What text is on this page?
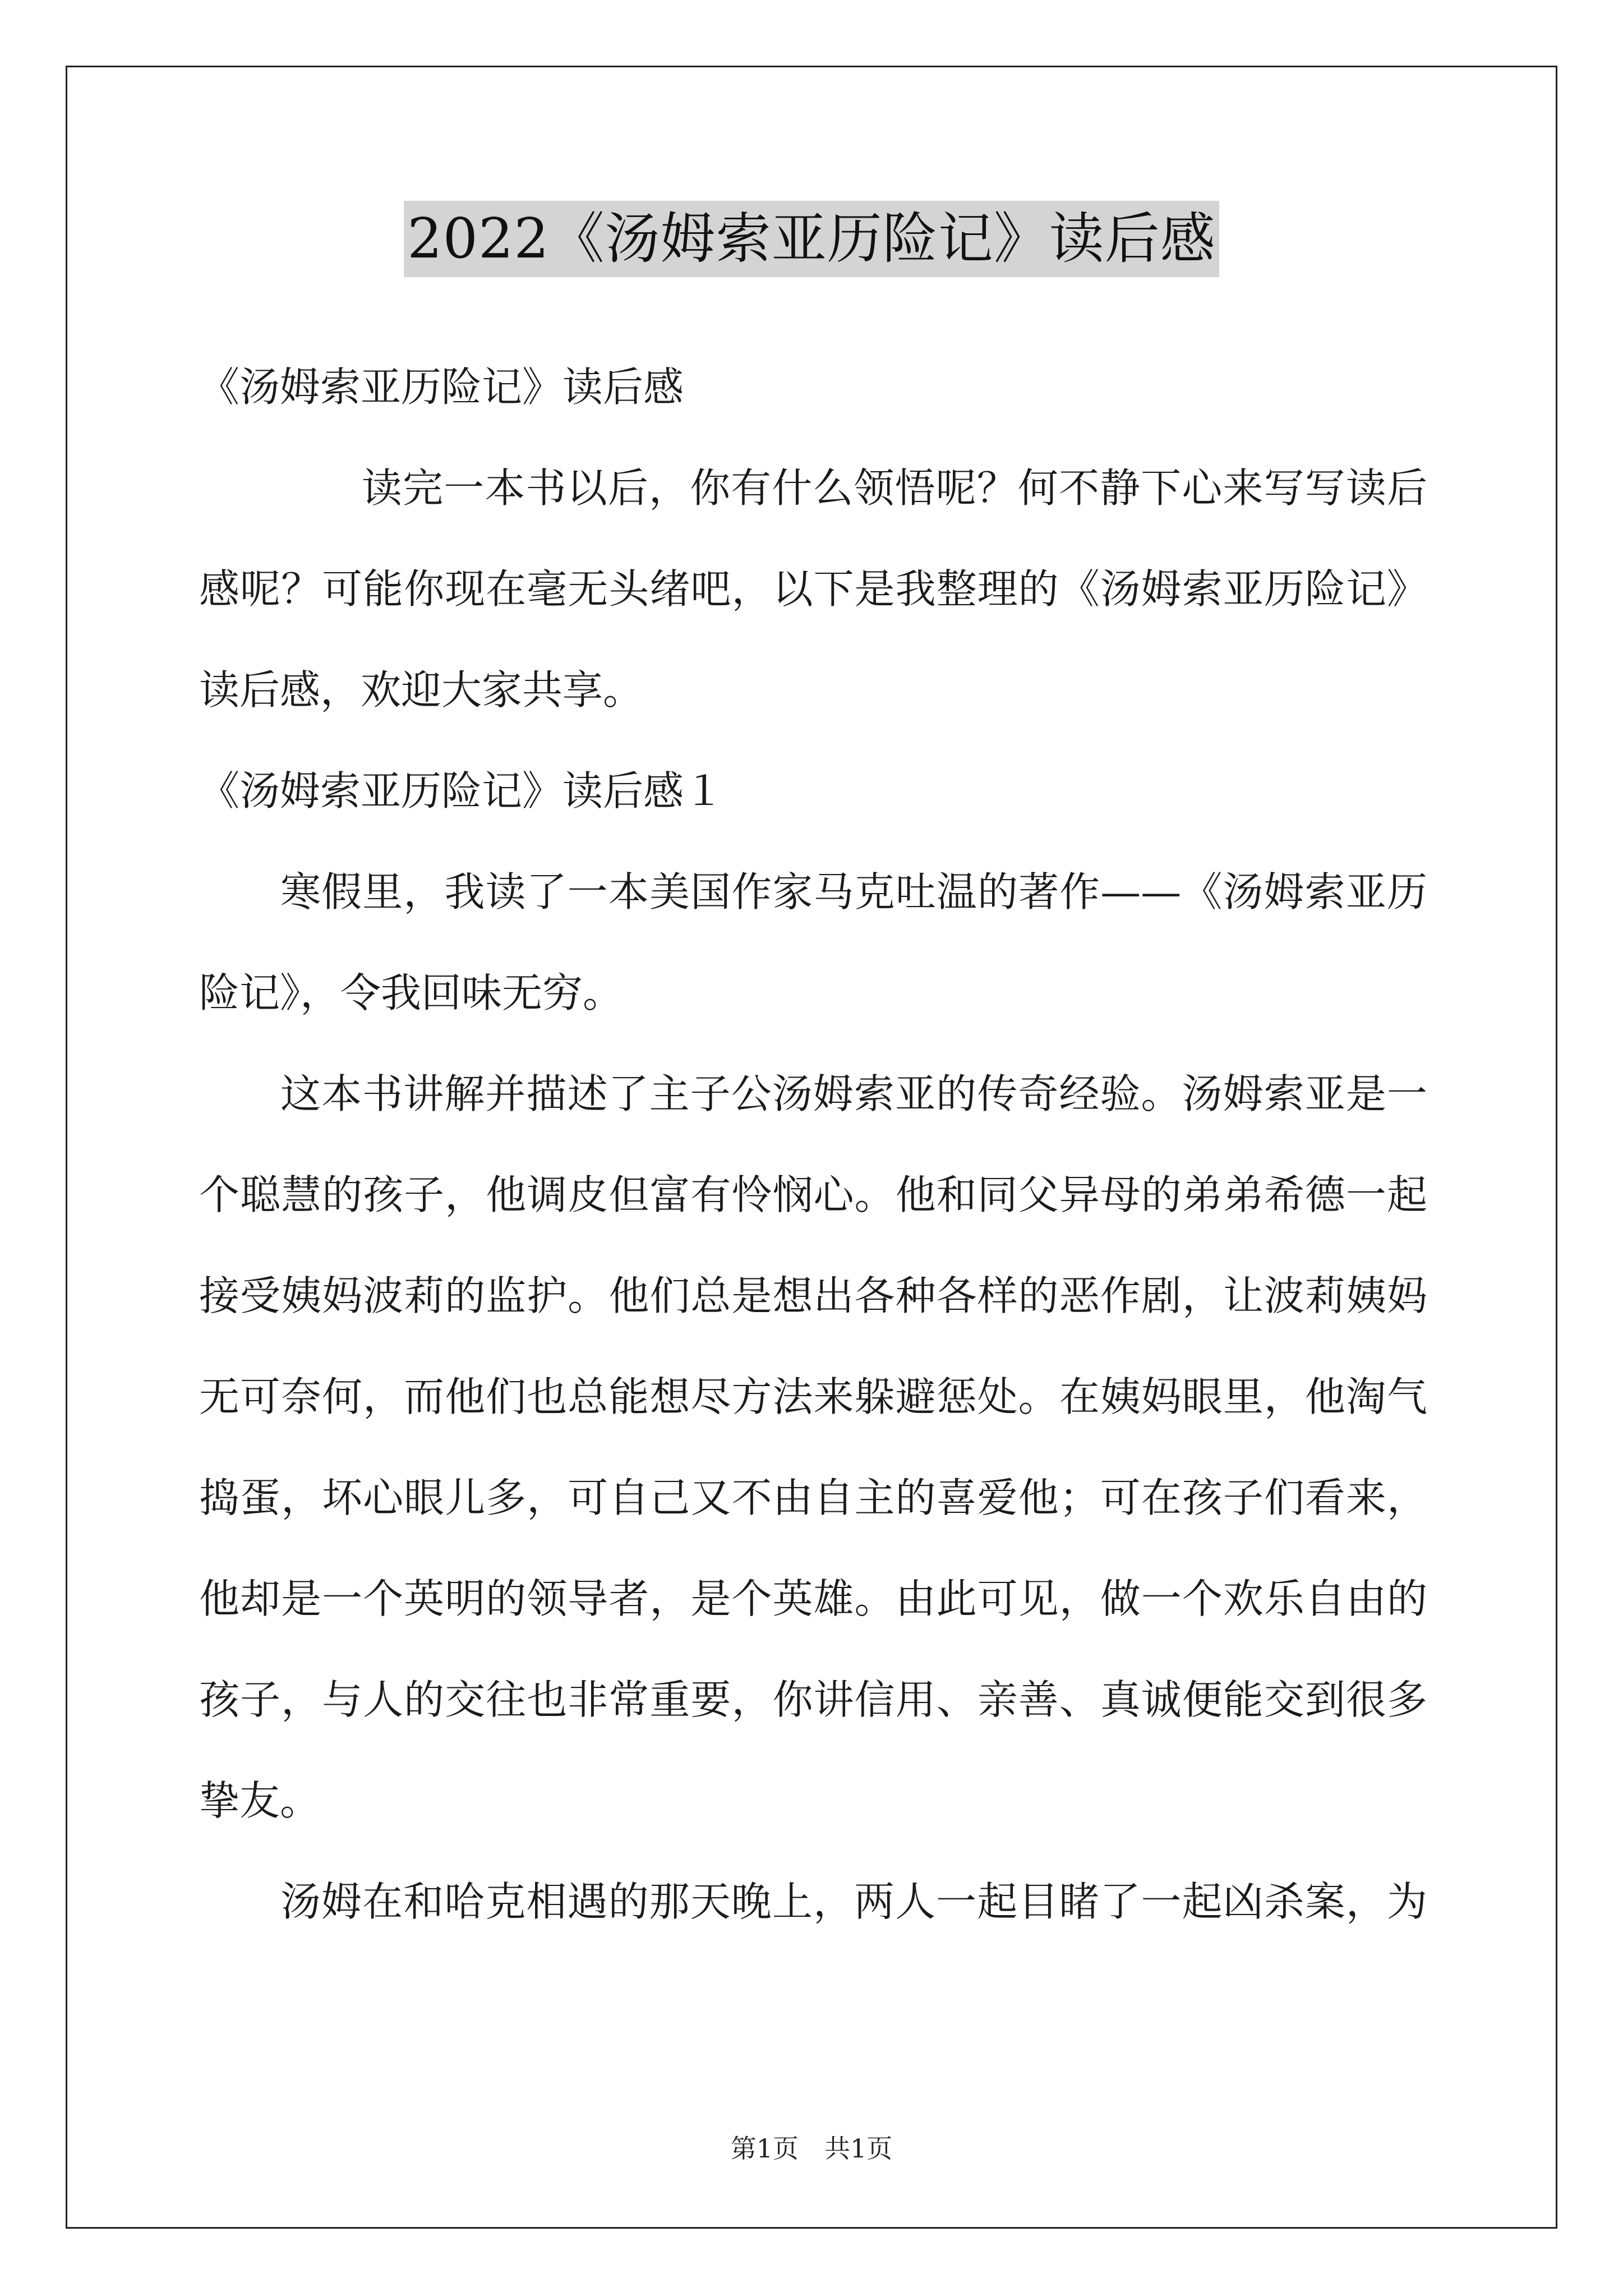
2022《汤姆索亚历险记》读后感
《汤姆索亚历险记》读后感
读完一本书以后，你有什么领悟呢？何不静下心来写写读后
感呢？可能你现在毫无头绪吧，以下是我整理的《汤姆索亚历险记》
读后感，欢迎大家共享。
《汤姆索亚历险记》读后感１
寒假里，我读了一本美国作家马克吐温的著作——《汤姆索亚历
险记》，令我回味无穷。
这本书讲解并描述了主子公汤姆索亚的传奇经验。汤姆索亚是一
个聪慧的孩子，他调皮但富有怜悯心。他和同父异母的弟弟希德一起
接受姨妈波莉的监护。他们总是想出各种各样的恶作剧，让波莉姨妈
无可奈何，而他们也总能想尽方法来躲避惩处。在姨妈眼里，他淘气
捣蛋，坏心眼儿多，可自己又不由自主的喜爱他；可在孩子们看来，
他却是一个英明的领导者，是个英雄。由此可见，做一个欢乐自由的
孩子，与人的交往也非常重要，你讲信用、亲善、真诚便能交到很多
挚友。
汤姆在和哈克相遇的那天晚上，两人一起目睹了一起凶杀案，为
第1页　共1页
